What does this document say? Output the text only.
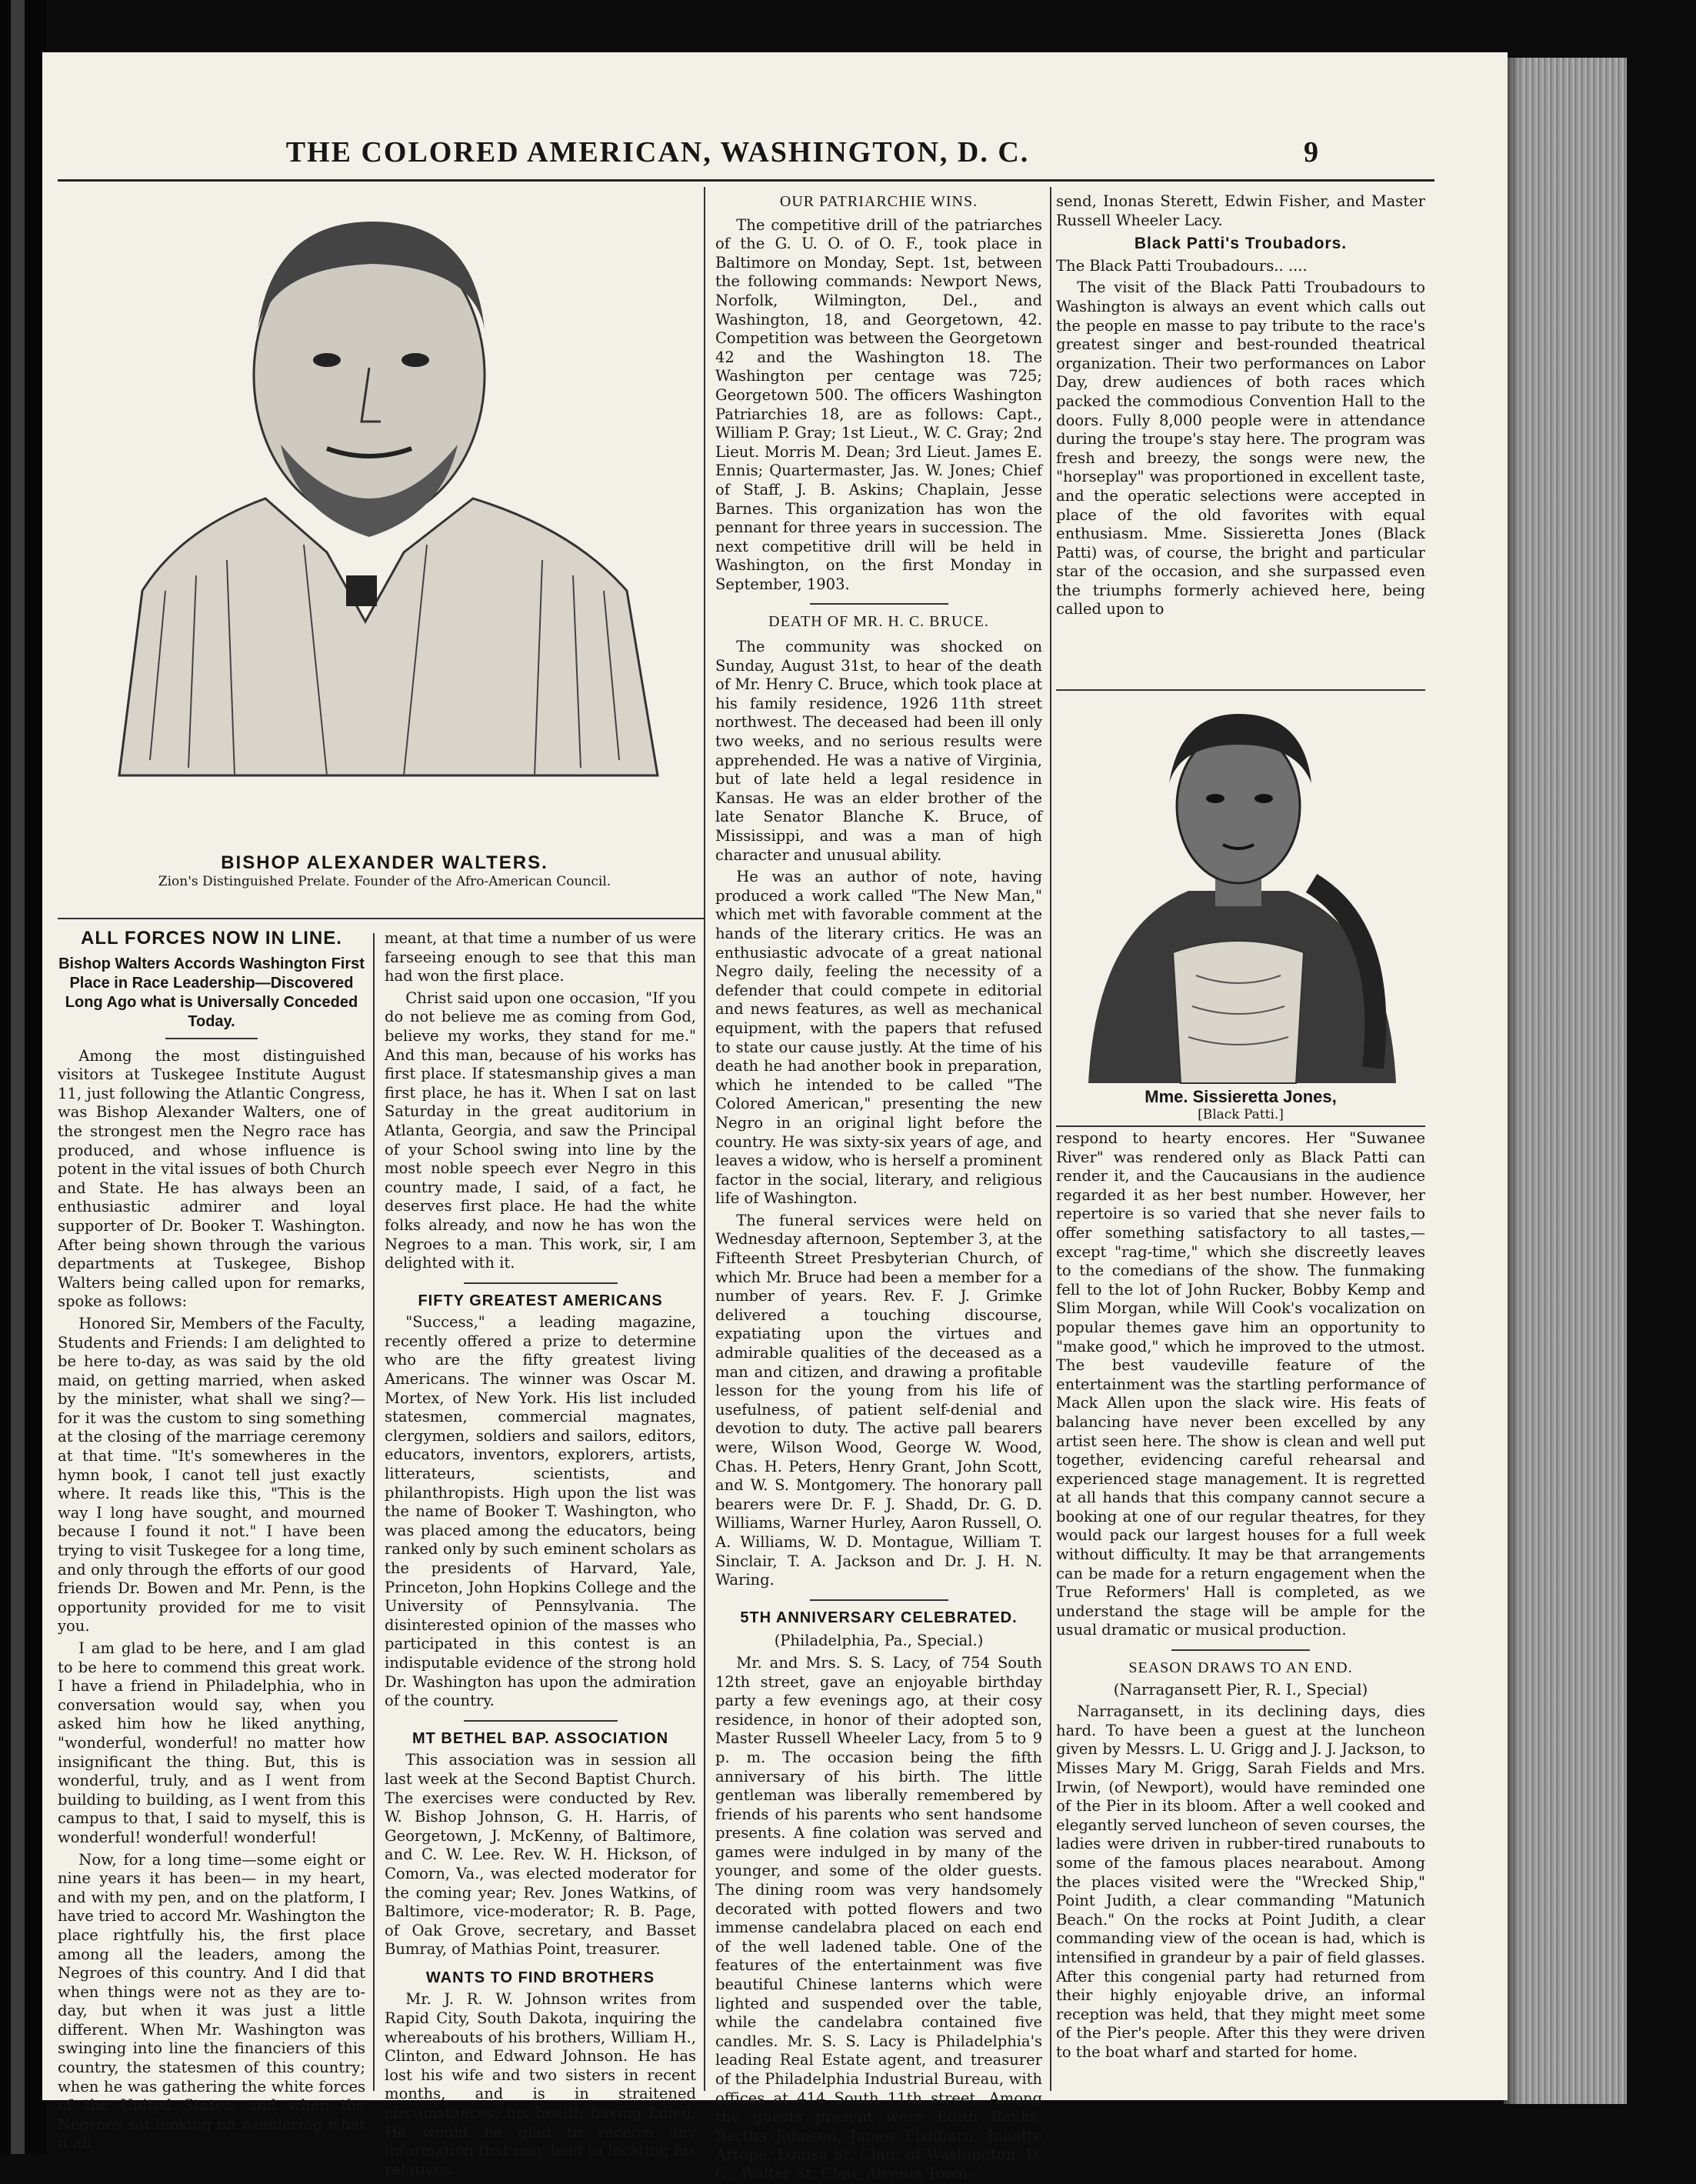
THE COLORED AMERICAN, WASHINGTON, D. C.	9
BISHOP ALEXANDER WALTERS.
Zion's Distinguished Prelate. Founder of the Afro-American Council.
ALL FORCES NOW IN LINE.
Bishop Walters Accords Washington First Place in Race Leadership—Discovered Long Ago what is Universally Conceded Today.

Among the most distinguished visitors at Tuskegee Institute August 11, just following the Atlantic Congress, was Bishop Alexander Walters, one of the strongest men the Negro race has produced, and whose influence is potent in the vital issues of both Church and State. He has always been an enthusiastic admirer and loyal supporter of Dr. Booker T. Washington. After being shown through the various departments at Tuskegee, Bishop Walters being called upon for remarks, spoke as follows:

Honored Sir, Members of the Faculty, Students and Friends: I am delighted to be here to-day, as was said by the old maid, on getting married, when asked by the minister, what shall we sing?—for it was the custom to sing something at the closing of the marriage ceremony at that time. "It's somewheres in the hymn book, I canot tell just exactly where. It reads like this, "This is the way I long have sought, and mourned because I found it not." I have been trying to visit Tuskegee for a long time, and only through the efforts of our good friends Dr. Bowen and Mr. Penn, is the opportunity provided for me to visit you.

I am glad to be here, and I am glad to be here to commend this great work. I have a friend in Philadelphia, who in conversation would say, when you asked him how he liked anything, "wonderful, wonderful! no matter how insignificant the thing. But, this is wonderful, truly, and as I went from building to building, as I went from this campus to that, I said to myself, this is wonderful! wonderful! wonderful!

Now, for a long time—some eight or nine years it has been— in my heart, and with my pen, and on the platform, I have tried to accord Mr. Washington the place rightfully his, the first place among all the leaders, among the Negroes of this country. And I did that when things were not as they are to-day, but when it was just a little different. When Mr. Washington was swinging into line the financiers of this country, the statesmen of this country; when he was gathering the white forces of the United States, and when the Negroes sat looking on wondering what it all

meant, at that time a number of us were farseeing enough to see that this man had won the first place.

Christ said upon one occasion, "If you do not believe me as coming from God, believe my works, they stand for me." And this man, because of his works has first place. If statesmanship gives a man first place, he has it. When I sat on last Saturday in the great auditorium in Atlanta, Georgia, and saw the Principal of your School swing into line by the most noble speech ever Negro in this country made, I said, of a fact, he deserves first place. He had the white folks already, and now he has won the Negroes to a man. This work, sir, I am delighted with it.

FIFTY GREATEST AMERICANS

"Success," a leading magazine, recently offered a prize to determine who are the fifty greatest living Americans. The winner was Oscar M. Mortex, of New York. His list included statesmen, commercial magnates, clergymen, soldiers and sailors, editors, educators, inventors, explorers, artists, litterateurs, scientists, and philanthropists. High upon the list was the name of Booker T. Washington, who was placed among the educators, being ranked only by such eminent scholars as the presidents of Harvard, Yale, Princeton, John Hopkins College and the University of Pennsylvania. The disinterested opinion of the masses who participated in this contest is an indisputable evidence of the strong hold Dr. Washington has upon the admiration of the country.

MT BETHEL BAP. ASSOCIATION

This association was in session all last week at the Second Baptist Church. The exercises were conducted by Rev. W. Bishop Johnson, G. H. Harris, of Georgetown, J. McKenny, of Baltimore, and C. W. Lee. Rev. W. H. Hickson, of Comorn, Va., was elected moderator for the coming year; Rev. Jones Watkins, of Baltimore, vice-moderator; R. B. Page, of Oak Grove, secretary, and Basset Bumray, of Mathias Point, treasurer.

WANTS TO FIND BROTHERS

Mr. J. R. W. Johnson writes from Rapid City, South Dakota, inquiring the whereabouts of his brothers, William H., Clinton, and Edward Johnson. He has lost his wife and two sisters in recent months, and is in straitened circumstances, his health having failed. He would be glad to receive any information that may lead to locating his relatives.

OUR PATRIARCHIE WINS.

The competitive drill of the patriarches of the G. U. O. of O. F., took place in Baltimore on Monday, Sept. 1st, between the following commands: Newport News, Norfolk, Wilmington, Del., and Washington, 18, and Georgetown, 42. Competition was between the Georgetown 42 and the Washington 18. The Washington per centage was 725; Georgetown 500. The officers Washington Patriarchies 18, are as follows: Capt., William P. Gray; 1st Lieut., W. C. Gray; 2nd Lieut. Morris M. Dean; 3rd Lieut. James E. Ennis; Quartermaster, Jas. W. Jones; Chief of Staff, J. B. Askins; Chaplain, Jesse Barnes. This organization has won the pennant for three years in succession. The next competitive drill will be held in Washington, on the first Monday in September, 1903.

DEATH OF MR. H. C. BRUCE.

The community was shocked on Sunday, August 31st, to hear of the death of Mr. Henry C. Bruce, which took place at his family residence, 1926 11th street northwest. The deceased had been ill only two weeks, and no serious results were apprehended. He was a native of Virginia, but of late held a legal residence in Kansas. He was an elder brother of the late Senator Blanche K. Bruce, of Mississippi, and was a man of high character and unusual ability.

He was an author of note, having produced a work called "The New Man," which met with favorable comment at the hands of the literary critics. He was an enthusiastic advocate of a great national Negro daily, feeling the necessity of a defender that could compete in editorial and news features, as well as mechanical equipment, with the papers that refused to state our cause justly. At the time of his death he had another book in preparation, which he intended to be called "The Colored American," presenting the new Negro in an original light before the country. He was sixty-six years of age, and leaves a widow, who is herself a prominent factor in the social, literary, and religious life of Washington.

The funeral services were held on Wednesday afternoon, September 3, at the Fifteenth Street Presbyterian Church, of which Mr. Bruce had been a member for a number of years. Rev. F. J. Grimke delivered a touching discourse, expatiating upon the virtues and admirable qualities of the deceased as a man and citizen, and drawing a profitable lesson for the young from his life of usefulness, of patient self-denial and devotion to duty. The active pall bearers were, Wilson Wood, George W. Wood, Chas. H. Peters, Henry Grant, John Scott, and W. S. Montgomery. The honorary pall bearers were Dr. F. J. Shadd, Dr. G. D. Williams, Warner Hurley, Aaron Russell, O. A. Williams, W. D. Montague, William T. Sinclair, T. A. Jackson and Dr. J. H. N. Waring.

5TH ANNIVERSARY CELEBRATED.

(Philadelphia, Pa., Special.)

Mr. and Mrs. S. S. Lacy, of 754 South 12th street, gave an enjoyable birthday party a few evenings ago, at their cosy residence, in honor of their adopted son, Master Russell Wheeler Lacy, from 5 to 9 p. m. The occasion being the fifth anniversary of his birth. The little gentleman was liberally remembered by friends of his parents who sent handsome presents. A fine colation was served and games were indulged in by many of the younger, and some of the older guests. The dining room was very handsomely decorated with potted flowers and two immense candelabra placed on each end of the well ladened table. One of the features of the entertainment was five beautiful Chinese lanterns which were lighted and suspended over the table, while the candelabra contained five candles. Mr. S. S. Lacy is Philadelphia's leading Real Estate agent, and treasurer of the Philadelphia Industrial Bureau, with offices at 414 South 11th street. Among the guests present were Edith Banks, Bertha Johnson, James Fishburn, Juliette Artope, Louisa St. Clair, of Washington, D. C., Walter St. Clair, Alvenia Town-

send, Inonas Sterett, Edwin Fisher, and Master Russell Wheeler Lacy.

Black Patti's Troubadors.

The Black Patti Troubadours.. ....

The visit of the Black Patti Troubadours to Washington is always an event which calls out the people en masse to pay tribute to the race's greatest singer and best-rounded theatrical organization. Their two performances on Labor Day, drew audiences of both races which packed the commodious Convention Hall to the doors. Fully 8,000 people were in attendance during the troupe's stay here. The program was fresh and breezy, the songs were new, the "horseplay" was proportioned in excellent taste, and the operatic selections were accepted in place of the old favorites with equal enthusiasm. Mme. Sissieretta Jones (Black Patti) was, of course, the bright and particular star of the occasion, and she surpassed even the triumphs formerly achieved here, being called upon to

Mme. Sissieretta Jones,
[Black Patti.]

respond to hearty encores. Her "Suwanee River" was rendered only as Black Patti can render it, and the Caucausians in the audience regarded it as her best number. However, her repertoire is so varied that she never fails to offer something satisfactory to all tastes,—except "rag-time," which she discreetly leaves to the comedians of the show. The funmaking fell to the lot of John Rucker, Bobby Kemp and Slim Morgan, while Will Cook's vocalization on popular themes gave him an opportunity to "make good," which he improved to the utmost. The best vaudeville feature of the entertainment was the startling performance of Mack Allen upon the slack wire. His feats of balancing have never been excelled by any artist seen here. The show is clean and well put together, evidencing careful rehearsal and experienced stage management. It is regretted at all hands that this company cannot secure a booking at one of our regular theatres, for they would pack our largest houses for a full week without difficulty. It may be that arrangements can be made for a return engagement when the True Reformers' Hall is completed, as we understand the stage will be ample for the usual dramatic or musical production.

SEASON DRAWS TO AN END.

(Narragansett Pier, R. I., Special)

Narragansett, in its declining days, dies hard. To have been a guest at the luncheon given by Messrs. L. U. Grigg and J. J. Jackson, to Misses Mary M. Grigg, Sarah Fields and Mrs. Irwin, (of Newport), would have reminded one of the Pier in its bloom. After a well cooked and elegantly served luncheon of seven courses, the ladies were driven in rubber-tired runabouts to some of the famous places nearabout. Among the places visited were the "Wrecked Ship," Point Judith, a clear commanding "Matunich Beach." On the rocks at Point Judith, a clear commanding view of the ocean is had, which is intensified in grandeur by a pair of field glasses. After this congenial party had returned from their highly enjoyable drive, an informal reception was held, that they might meet some of the Pier's people. After this they were driven to the boat wharf and started for home.
